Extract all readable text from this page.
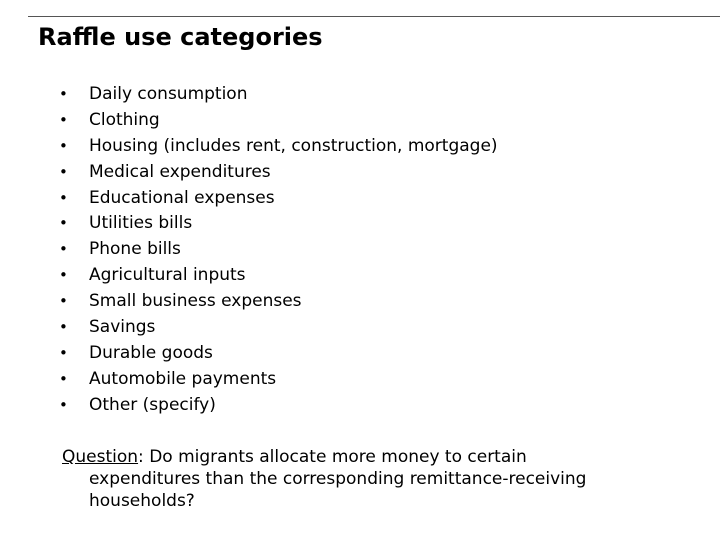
Raffle use categories
•	Daily consumption
•	Clothing
•	Housing (includes rent, construction, mortgage)
•	Medical expenditures
•	Educational expenses
•	Utilities bills
•	Phone bills
•	Agricultural inputs
•	Small business expenses
•	Savings
•	Durable goods
•	Automobile payments
•	Other (specify)
Question: Do migrants allocate more money to certain
expenditures than the corresponding remittance-receiving
households?
